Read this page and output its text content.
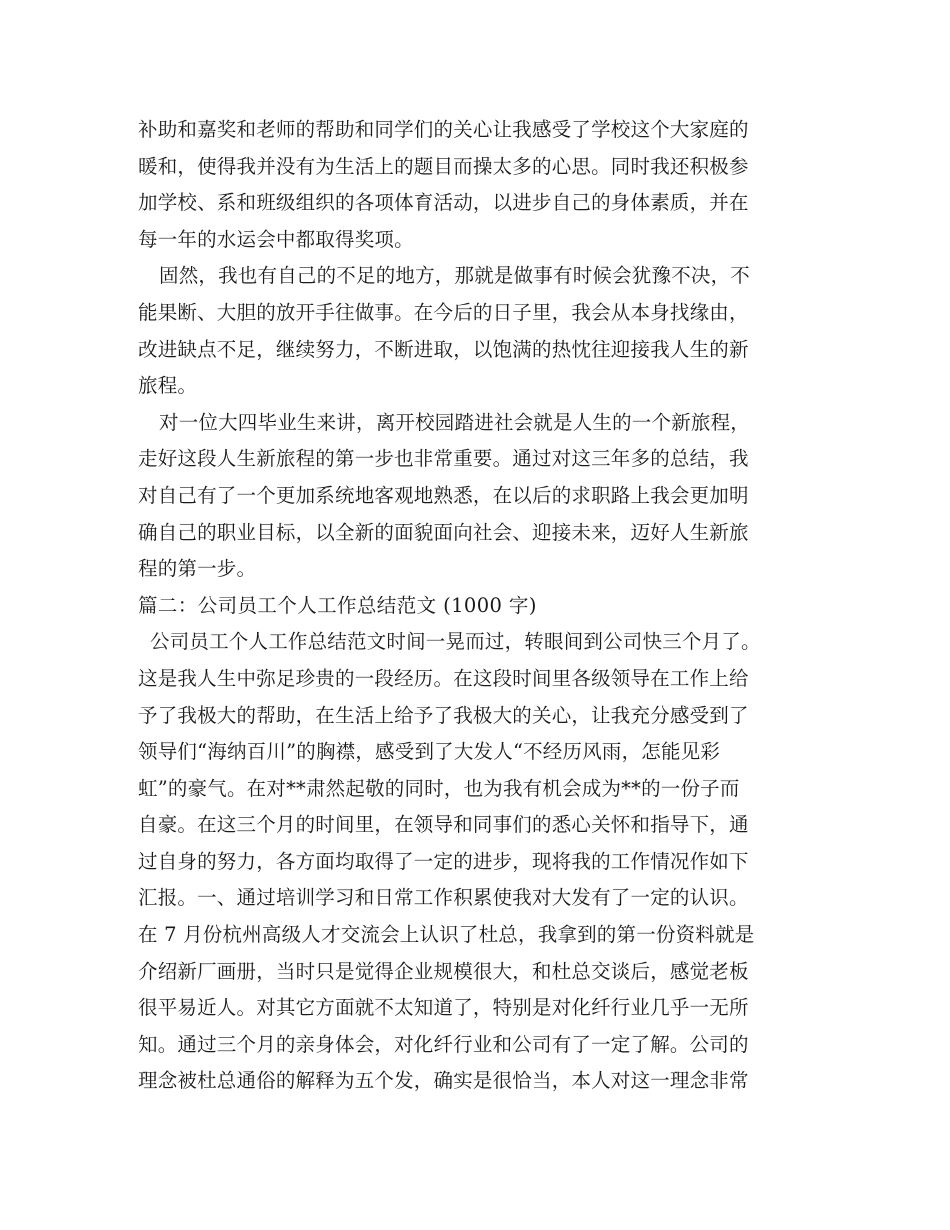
补助和嘉奖和老师的帮助和同学们的关心让我感受了学校这个大家庭的
暖和，使得我并没有为生活上的题目而操太多的心思。同时我还积极参
加学校、系和班级组织的各项体育活动，以进步自己的身体素质，并在
每一年的水运会中都取得奖项。
固然，我也有自己的不足的地方，那就是做事有时候会犹豫不决，不
能果断、大胆的放开手往做事。在今后的日子里，我会从本身找缘由，
改进缺点不足，继续努力，不断进取，以饱满的热忱往迎接我人生的新
旅程。
对一位大四毕业生来讲，离开校园踏进社会就是人生的一个新旅程，
走好这段人生新旅程的第一步也非常重要。通过对这三年多的总结，我
对自己有了一个更加系统地客观地熟悉，在以后的求职路上我会更加明
确自己的职业目标，以全新的面貌面向社会、迎接未来，迈好人生新旅
程的第一步。
篇二：公司员工个人工作总结范文 (1000 字)
公司员工个人工作总结范文时间一晃而过，转眼间到公司快三个月了。
这是我人生中弥足珍贵的一段经历。在这段时间里各级领导在工作上给
予了我极大的帮助，在生活上给予了我极大的关心，让我充分感受到了
领导们“海纳百川”的胸襟，感受到了大发人“不经历风雨，怎能见彩
虹”的豪气。在对**肃然起敬的同时，也为我有机会成为**的一份子而
自豪。在这三个月的时间里，在领导和同事们的悉心关怀和指导下，通
过自身的努力，各方面均取得了一定的进步，现将我的工作情况作如下
汇报。一、通过培训学习和日常工作积累使我对大发有了一定的认识。
在 7 月份杭州高级人才交流会上认识了杜总，我拿到的第一份资料就是
介绍新厂画册，当时只是觉得企业规模很大，和杜总交谈后，感觉老板
很平易近人。对其它方面就不太知道了，特别是对化纤行业几乎一无所
知。通过三个月的亲身体会，对化纤行业和公司有了一定了解。公司的
理念被杜总通俗的解释为五个发，确实是很恰当，本人对这一理念非常
